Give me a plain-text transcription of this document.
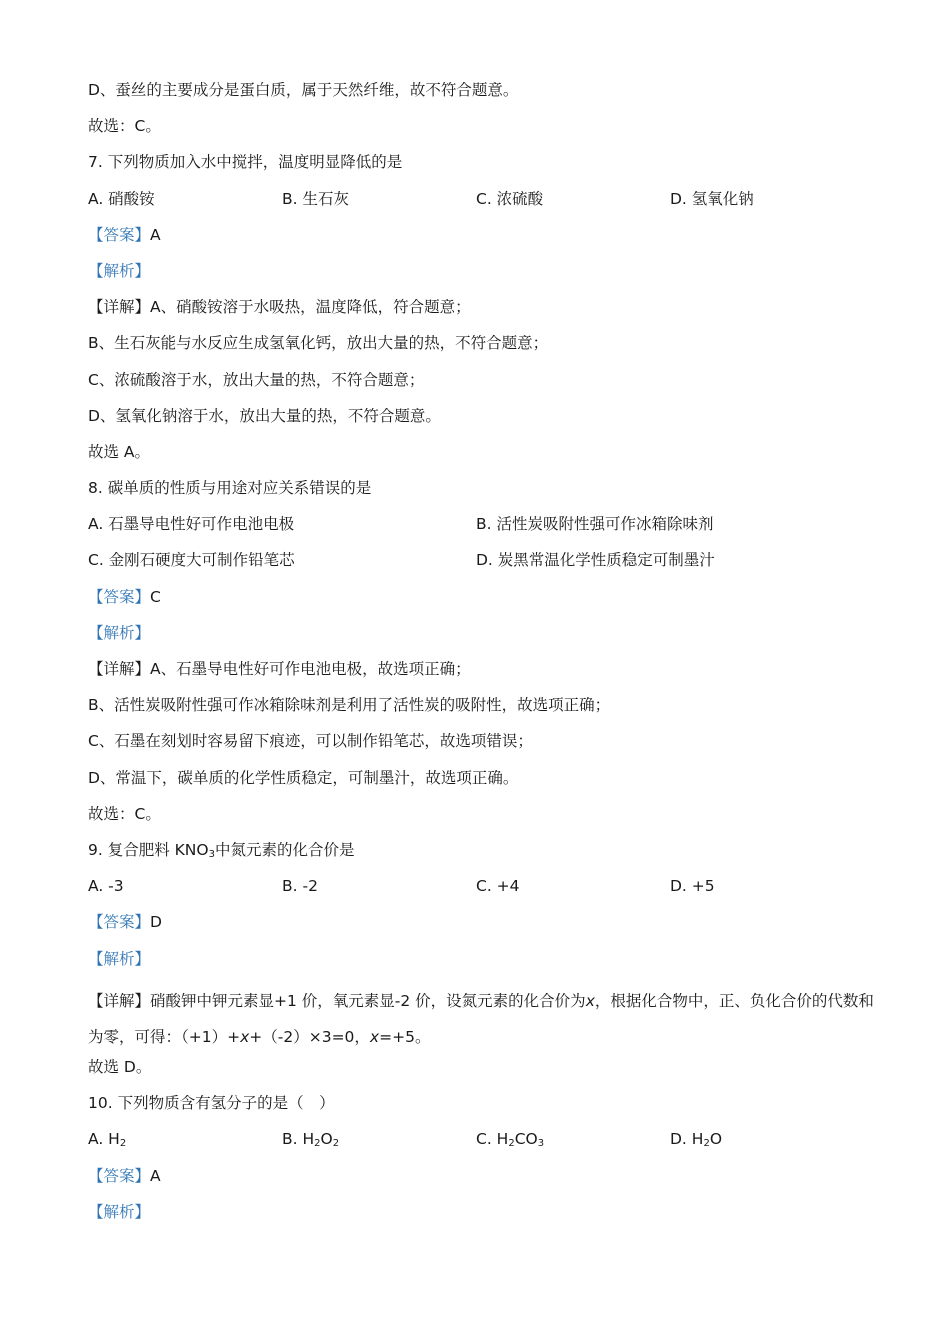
D、蚕丝的主要成分是蛋白质，属于天然纤维，故不符合题意。
故选：C。
7. 下列物质加入水中搅拌，温度明显降低的是
A. 硝酸铵	B. 生石灰	C. 浓硫酸	D. 氢氧化钠
【答案】A
【解析】
【详解】A、硝酸铵溶于水吸热，温度降低，符合题意；
B、生石灰能与水反应生成氢氧化钙，放出大量的热，不符合题意；
C、浓硫酸溶于水，放出大量的热，不符合题意；
D、氢氧化钠溶于水，放出大量的热，不符合题意。
故选 A。
8. 碳单质的性质与用途对应关系错误的是
A. 石墨导电性好可作电池电极	B. 活性炭吸附性强可作冰箱除味剂
C. 金刚石硬度大可制作铅笔芯	D. 炭黑常温化学性质稳定可制墨汁
【答案】C
【解析】
【详解】A、石墨导电性好可作电池电极，故选项正确；
B、活性炭吸附性强可作冰箱除味剂是利用了活性炭的吸附性，故选项正确；
C、石墨在刻划时容易留下痕迹，可以制作铅笔芯，故选项错误；
D、常温下，碳单质的化学性质稳定，可制墨汁，故选项正确。
故选：C。
9. 复合肥料 $KNO_3$中氮元素的化合价是
A. -3	B. -2	C. +4	D. +5
【答案】D
【解析】
【详解】硝酸钾中钾元素显+1 价，氧元素显-2 价，设氮元素的化合价为x，根据化合物中，正、负化合价的代数和为零，可得：（+1）+x+（-2）×3=0，x=+5。
故选 D。
10. 下列物质含有氢分子的是（　）
A. $H_2$	B. $H_2O_2$	C. $H_2CO_3$	D. $H_2O$
【答案】A
【解析】
